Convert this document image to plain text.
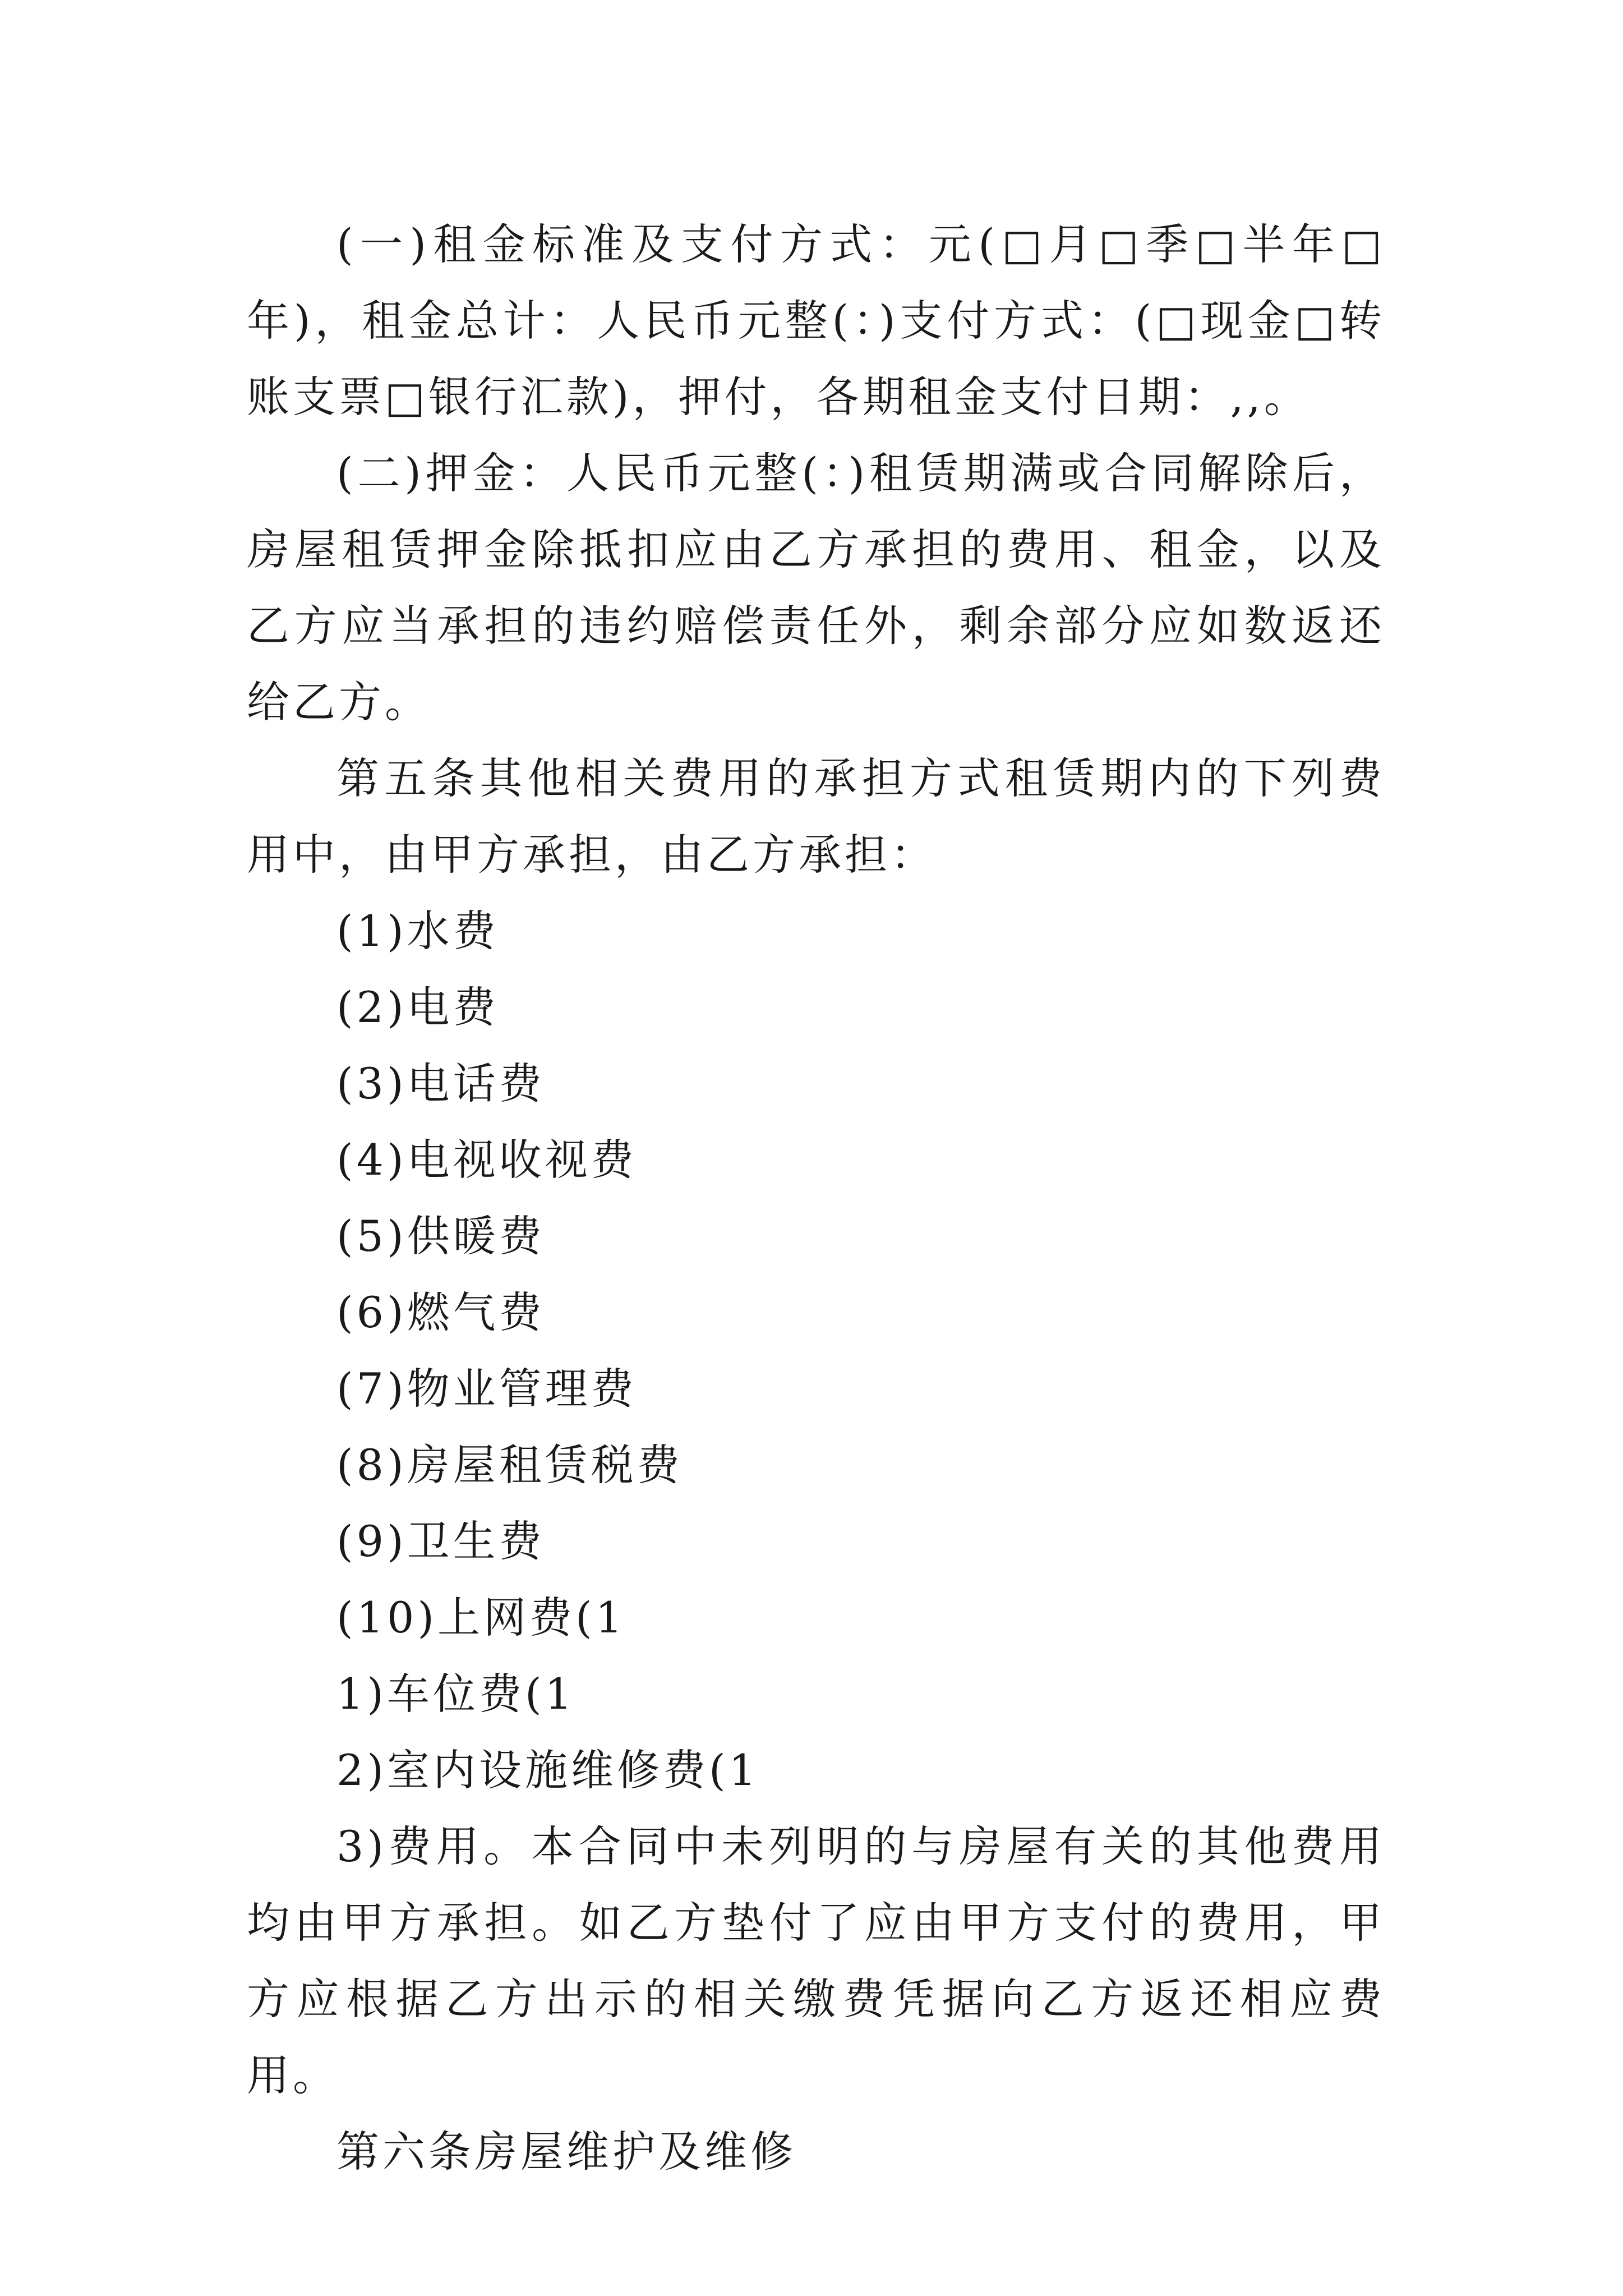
(一)租金标准及支付方式：元(□月□季□半年□年)，租金总计：人民币元整(：)支付方式：(□现金□转账支票□银行汇款)，押付，各期租金支付日期：,,。

(二)押金：人民币元整(：)租赁期满或合同解除后，房屋租赁押金除抵扣应由乙方承担的费用、租金，以及乙方应当承担的违约赔偿责任外，剩余部分应如数返还给乙方。

第五条其他相关费用的承担方式租赁期内的下列费用中，由甲方承担，由乙方承担：

(1)水费

(2)电费

(3)电话费

(4)电视收视费

(5)供暖费

(6)燃气费

(7)物业管理费

(8)房屋租赁税费

(9)卫生费

(10)上网费(1

1)车位费(1

2)室内设施维修费(1

3)费用。本合同中未列明的与房屋有关的其他费用均由甲方承担。如乙方垫付了应由甲方支付的费用，甲方应根据乙方出示的相关缴费凭据向乙方返还相应费用。

第六条房屋维护及维修
